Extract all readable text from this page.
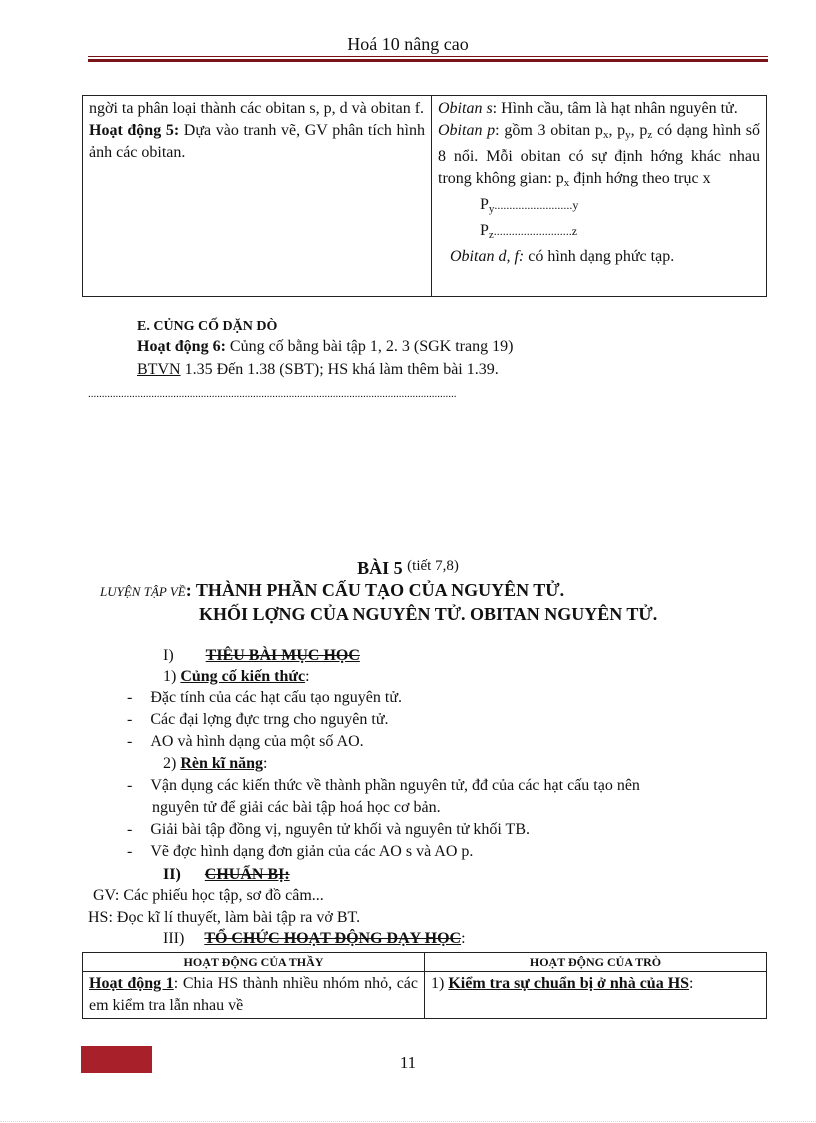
Hoá 10 nâng cao
ngời ta phân loại thành các obitan s, p, d và obitan f.
Hoạt động 5: Dựa vào tranh vẽ, GV phân tích hình ảnh các obitan.	Obitan s: Hình cầu, tâm là hạt nhân nguyên tử.
Obitan p: gồm 3 obitan $p_x$, $p_y$, $p_z$ có dạng hình số 8 nổi. Mỗi obitan có sự định hớng khác nhau trong không gian: $p_x$ định hớng theo trục x
$P_y..........................y$
$P_z..........................z$
Obitan d, f: có hình dạng phức tạp.
E. CỦNG CỐ DẶN DÒ
Hoạt động 6: Củng cố bằng bài tập 1, 2. 3 (SGK trang 19)
BTVN 1.35 Đến 1.38 (SBT); HS khá làm thêm bài 1.39.
......................................................................................................................................
BÀI 5 $^{(tiết 7,8)}$
LUYỆN TẬP VỀ: THÀNH PHẦN CẤU TẠO CỦA NGUYÊN TỬ.
KHỐI LỢNG CỦA NGUYÊN TỬ. OBITAN NGUYÊN TỬ.
I) TIÊU BÀI MỤC HỌC
1) Củng cố kiến thức:
- Đặc tính của các hạt cấu tạo nguyên tử.
- Các đại lợng đực trng cho nguyên tử.
- AO và hình dạng của một số AO.
2) Rèn kĩ năng:
- Vận dụng các kiến thức về thành phần nguyên tử, đđ của các hạt cấu tạo nên
nguyên tử để giải các bài tập hoá học cơ bản.
- Giải bài tập đồng vị, nguyên tử khối và nguyên tử khối TB.
- Vẽ đợc hình dạng đơn giản của các AO s và AO p.
II) CHUẨN BỊ:
GV: Các phiếu học tập, sơ đồ câm...
HS: Đọc kĩ lí thuyết, làm bài tập ra vở BT.
III) TỔ CHỨC HOẠT ĐỘNG DẠY HỌC:
HOẠT ĐỘNG CỦA THẦY	HOẠT ĐỘNG CỦA TRÒ
Hoạt động 1: Chia HS thành nhiều nhóm nhỏ, các em kiểm tra lẫn nhau về	1) Kiểm tra sự chuẩn bị ở nhà của HS:
11
